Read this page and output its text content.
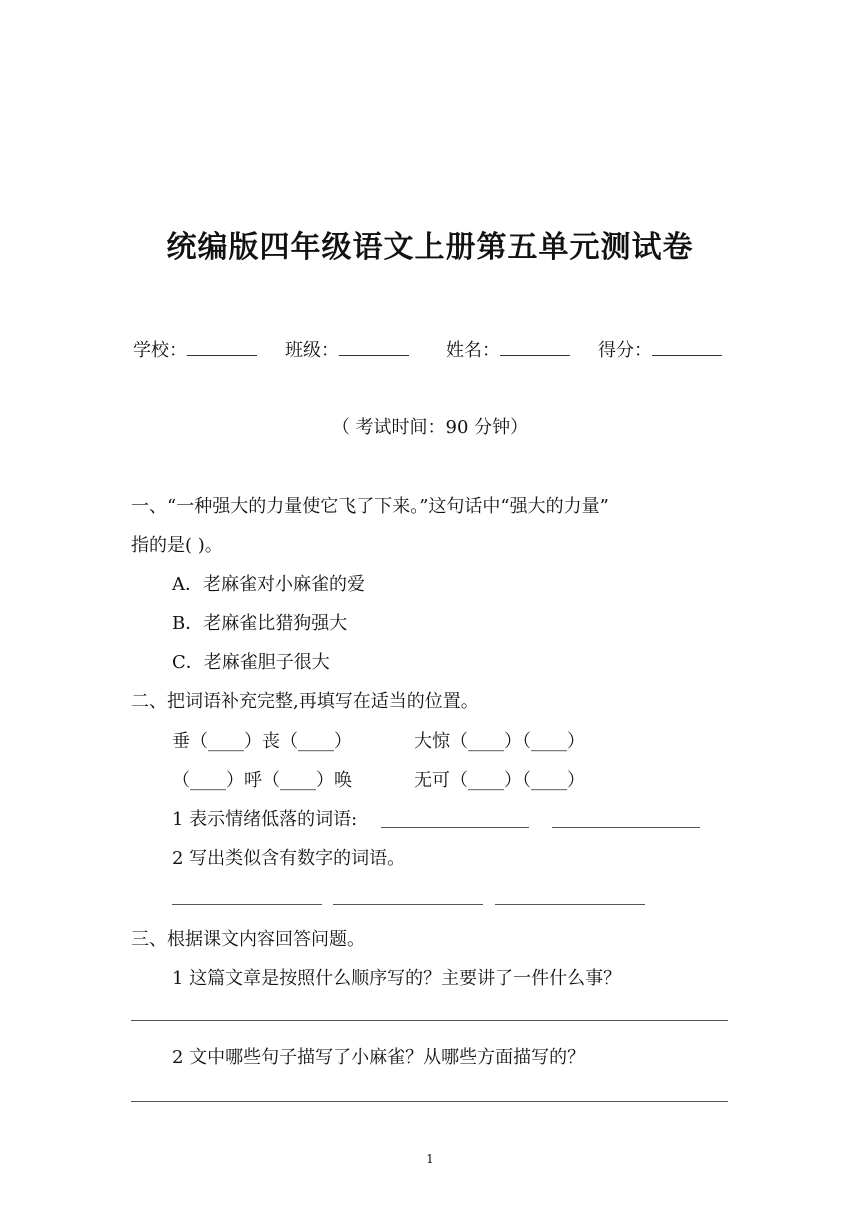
统编版四年级语文上册第五单元测试卷
学校：	班级：	姓名：	得分：
（ 考试时间：90 分钟）
一、“一种强大的力量使它飞了下来。”这句话中“强大的力量”
指的是( )。
A．老麻雀对小麻雀的爱
B．老麻雀比猎狗强大
C．老麻雀胆子很大
二、把词语补充完整,再填写在适当的位置。
垂（____）丧（____）	大惊（____）（____）
（____）呼（____）唤	无可（____）（____）
1 表示情绪低落的词语:
2 写出类似含有数字的词语。
三、根据课文内容回答问题。
1 这篇文章是按照什么顺序写的？主要讲了一件什么事？
2 文中哪些句子描写了小麻雀？从哪些方面描写的？
1
